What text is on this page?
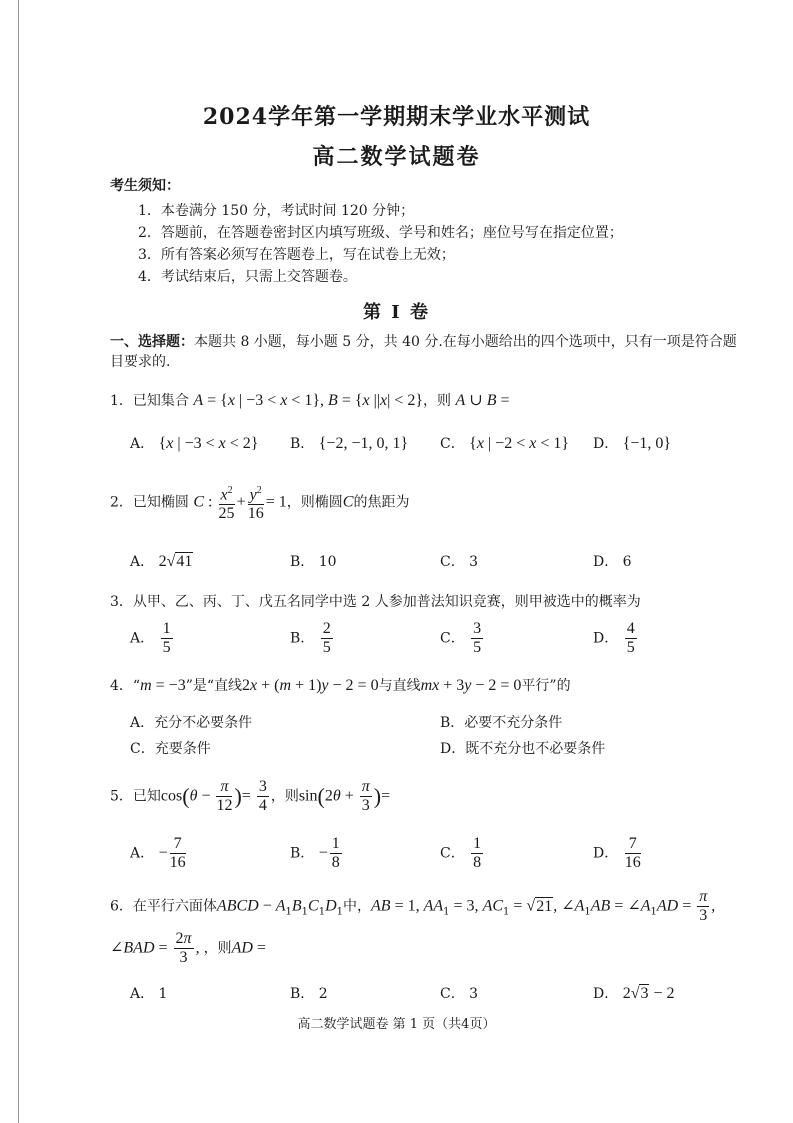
2024学年第一学期期末学业水平测试
高二数学试题卷
考生须知：
1．本卷满分 150 分，考试时间 120 分钟；
2．答题前，在答题卷密封区内填写班级、学号和姓名；座位号写在指定位置；
3．所有答案必须写在答题卷上，写在试卷上无效；
4．考试结束后，只需上交答题卷。
第 Ⅰ 卷
一、选择题：本题共 8 小题，每小题 5 分，共 40 分.在每小题给出的四个选项中，只有一项是符合题目要求的.
1．已知集合 A = {x | −3 < x < 1}, B = {x ||x| < 2}，则 A ∪ B =
A． {x | −3 < x < 2} B． {−2, −1, 0, 1} C． {x | −2 < x < 1} D． {−1, 0}
2．已知椭圆 C : $\frac{x^2}{25} + \frac{y^2}{16} = 1$，则椭圆C的焦距为
A． 2√41	B． 10	C． 3	D． 6
3．从甲、乙、丙、丁、戊五名同学中选 2 人参加普法知识竞赛，则甲被选中的概率为
A． $\frac{1}{5}$	B． $\frac{2}{5}$	C． $\frac{3}{5}$	D． $\frac{4}{5}$
4．“m = −3”是“直线2x + (m + 1)y − 2 = 0与直线mx + 3y − 2 = 0平行”的
A．充分不必要条件	B．必要不充分条件
C．充要条件	D．既不充分也不必要条件
5．已知$\cos(\theta - \frac{\pi}{12}$ )= $\frac{3}{4}$ ，则$\sin(2\theta + \frac{\pi}{3}$ )=
A． − $\frac{7}{16}$	B． − $\frac{1}{8}$	C． $\frac{1}{8}$	D． $\frac{7}{16}$
6．在平行六面体ABCD − $A_1B_1C_1D_1$中，AB = 1, $AA_1 = 3$, $AC_1 = √21$, $\angle A_1AB$ = $\angle A_1AD = \frac{\pi}{3}$ ,
∠BAD = $\frac{2\pi}{3}$ , ，则AD =
A． 1	B． 2	C． 3	D． 2√3 − 2
高二数学试题卷 第 1 页（共4页）
